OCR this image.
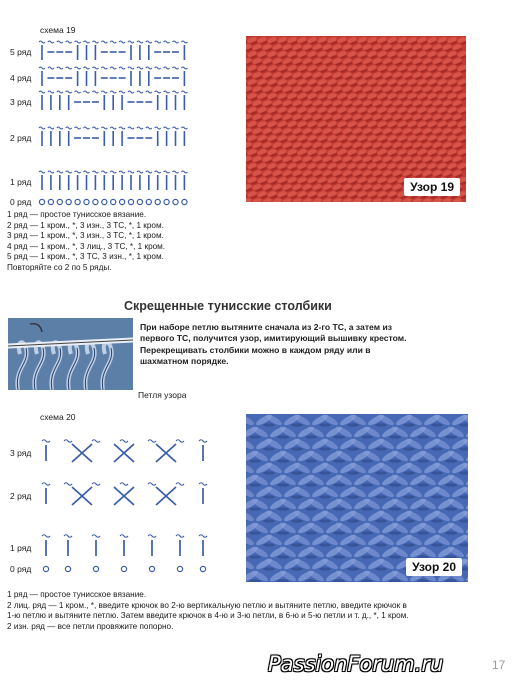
схема 19
5 ряд
4 ряд
3 ряд
2 ряд
1 ряд
0 ряд
Узор 19
1 ряд — простое тунисское вязание.
2 ряд — 1 кром., *, 3 изн., 3 ТС, *, 1 кром.
3 ряд — 1 кром., *, 3 изн., 3 ТС, *, 1 кром.
4 ряд — 1 кром., *, 3 лиц., 3 ТС, *, 1 кром.
5 ряд — 1 кром., *, 3 ТС, 3 изн., *, 1 кром.
Повторяйте со 2 по 5 ряды.
Скрещенные тунисские столбики
Петля узора
При наборе петлю вытяните сначала из 2-го ТС, а затем из
первого ТС, получится узор, имитирующий вышивку крестом.
Перекрещивать столбики можно в каждом ряду или в
шахматном порядке.
схема 20
3 ряд
2 ряд
1 ряд
0 ряд	Узор 20
1 ряд — простое тунисское вязание.
2 лиц. ряд — 1 кром., *, введите крючок во 2-ю вертикальную петлю и вытяните петлю, введите крючок в
1-ю петлю и вытяните петлю. Затем введите крючок в 4-ю и 3-ю петли, в 6-ю и 5-ю петли и т. д., *, 1 кром.
2 изн. ряд — все петли провяжите попорно.
PassionForum.ru	17
